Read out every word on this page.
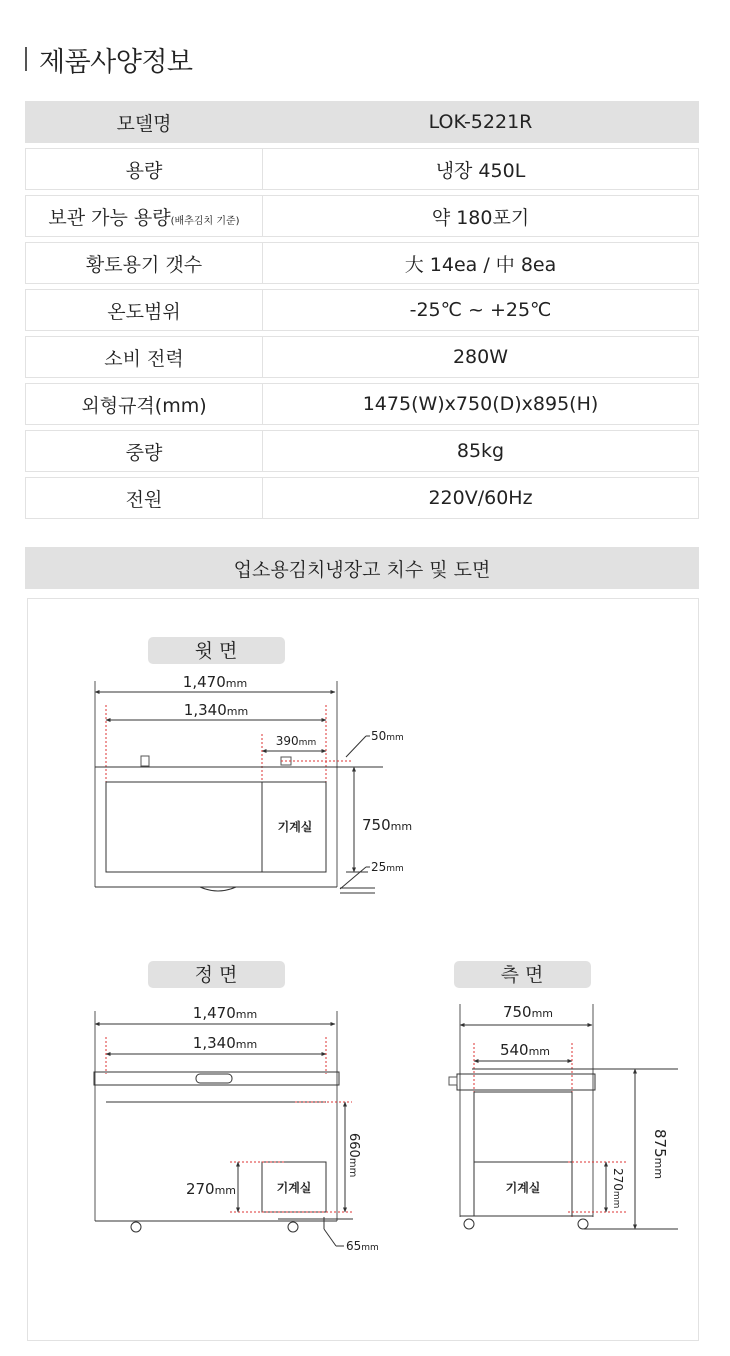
제품사양정보
모델명	LOK-5221R
용량	냉장 450L
보관 가능 용량(배추김치 기준)	약 180포기
황토용기 갯수	大 14ea / 中 8ea
온도범위	-25℃ ~ +25℃
소비 전력	280W
외형규격(mm)	1475(W)x750(D)x895(H)
중량	85kg
전원	220V/60Hz
업소용김치냉장고 치수 및 도면
윗 면
1,470mm
1,340mm
390mm
기계실	750mm
50mm
25mm
정 면
1,470mm
1,340mm
기계실
270mm
660mm
65mm
측 면
750mm
540mm
기계실	270mm
875mm
